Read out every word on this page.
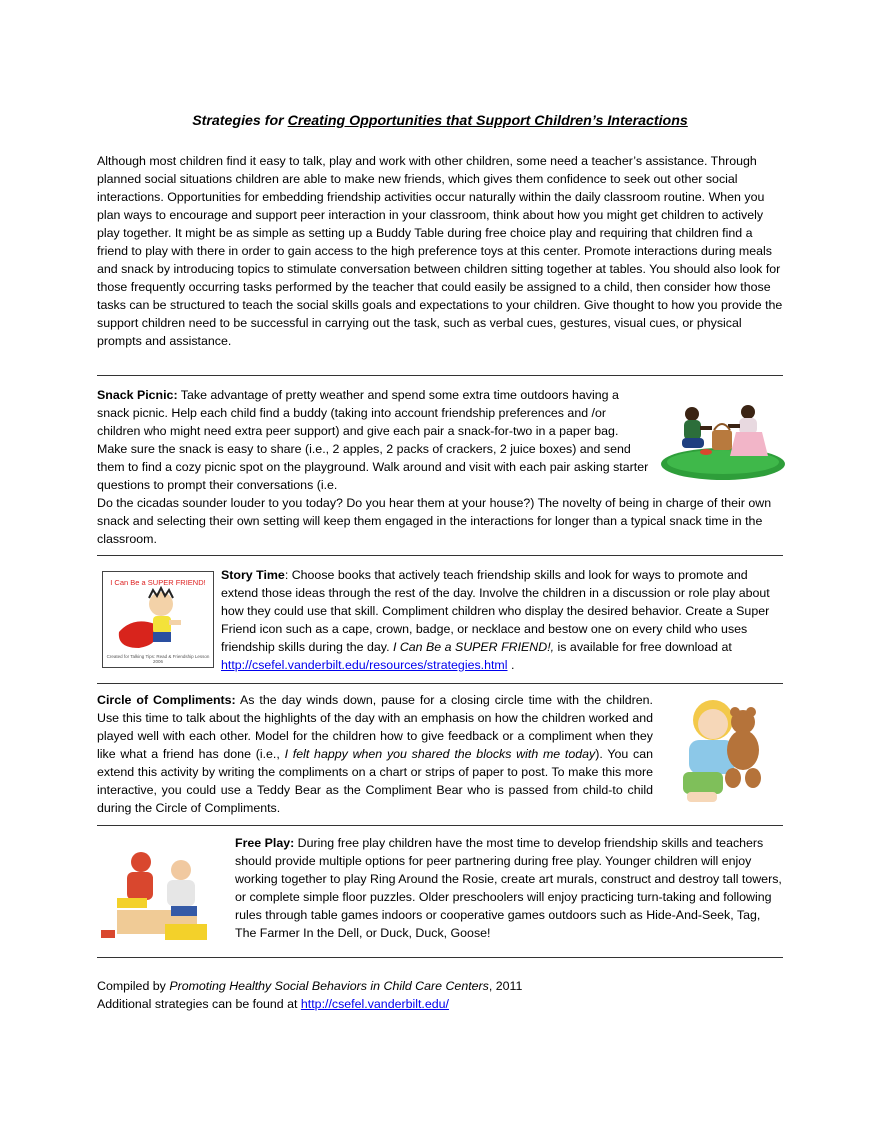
Strategies for Creating Opportunities that Support Children’s Interactions

Although most children find it easy to talk, play and work with other children, some need a teacher’s assistance. Through planned social situations children are able to make new friends, which gives them confidence to seek out other social interactions. Opportunities for embedding friendship activities occur naturally within the daily classroom routine. When you plan ways to encourage and support peer interaction in your classroom, think about how you might get children to actively play together. It might be as simple as setting up a Buddy Table during free choice play and requiring that children find a friend to play with there in order to gain access to the high preference toys at this center. Promote interactions during meals and snack by introducing topics to stimulate conversation between children sitting together at tables. You should also look for those frequently occurring tasks performed by the teacher that could easily be assigned to a child, then consider how those tasks can be structured to teach the social skills goals and expectations to your children. Give thought to how you provide the support children need to be successful in carrying out the task, such as verbal cues, gestures, visual cues, or physical prompts and assistance.

Snack Picnic: Take advantage of pretty weather and spend some extra time outdoors having a snack picnic. Help each child find a buddy (taking into account friendship preferences and /or children who might need extra peer support) and give each pair a snack-for-two in a paper bag. Make sure the snack is easy to share (i.e., 2 apples, 2 packs of crackers, 2 juice boxes) and send them to find a cozy picnic spot on the playground. Walk around and visit with each pair asking starter questions to prompt their conversations (i.e.

Do the cicadas sounder louder to you today? Do you hear them at your house?) The novelty of being in charge of their own snack and selecting their own setting will keep them engaged in the interactions for longer than a typical snack time in the classroom.

I Can Be a SUPER FRIEND!
Created for Talking Tips: Read & Friendship Lesson 2006

Story Time: Choose books that actively teach friendship skills and look for ways to promote and extend those ideas through the rest of the day. Involve the children in a discussion or role play about how they could use that skill. Compliment children who display the desired behavior. Create a Super Friend icon such as a cape, crown, badge, or necklace and bestow one on every child who uses friendship skills during the day. I Can Be a SUPER FRIEND!, is available for free download at http://csefel.vanderbilt.edu/resources/strategies.html .

Circle of Compliments: As the day winds down, pause for a closing circle time with the children. Use this time to talk about the highlights of the day with an emphasis on how the children worked and played well with each other. Model for the children how to give feedback or a compliment when they like what a friend has done (i.e., I felt happy when you shared the blocks with me today). You can extend this activity by writing the compliments on a chart or strips of paper to post. To make this more interactive, you could use a Teddy Bear as the Compliment Bear who is passed from child-to child during the Circle of Compliments.

Free Play: During free play children have the most time to develop friendship skills and teachers should provide multiple options for peer partnering during free play. Younger children will enjoy working together to play Ring Around the Rosie, create art murals, construct and destroy tall towers, or complete simple floor puzzles. Older preschoolers will enjoy practicing turn-taking and following rules through table games indoors or cooperative games outdoors such as Hide-And-Seek, Tag, The Farmer In the Dell, or Duck, Duck, Goose!

Compiled by Promoting Healthy Social Behaviors in Child Care Centers, 2011

Additional strategies can be found at http://csefel.vanderbilt.edu/
